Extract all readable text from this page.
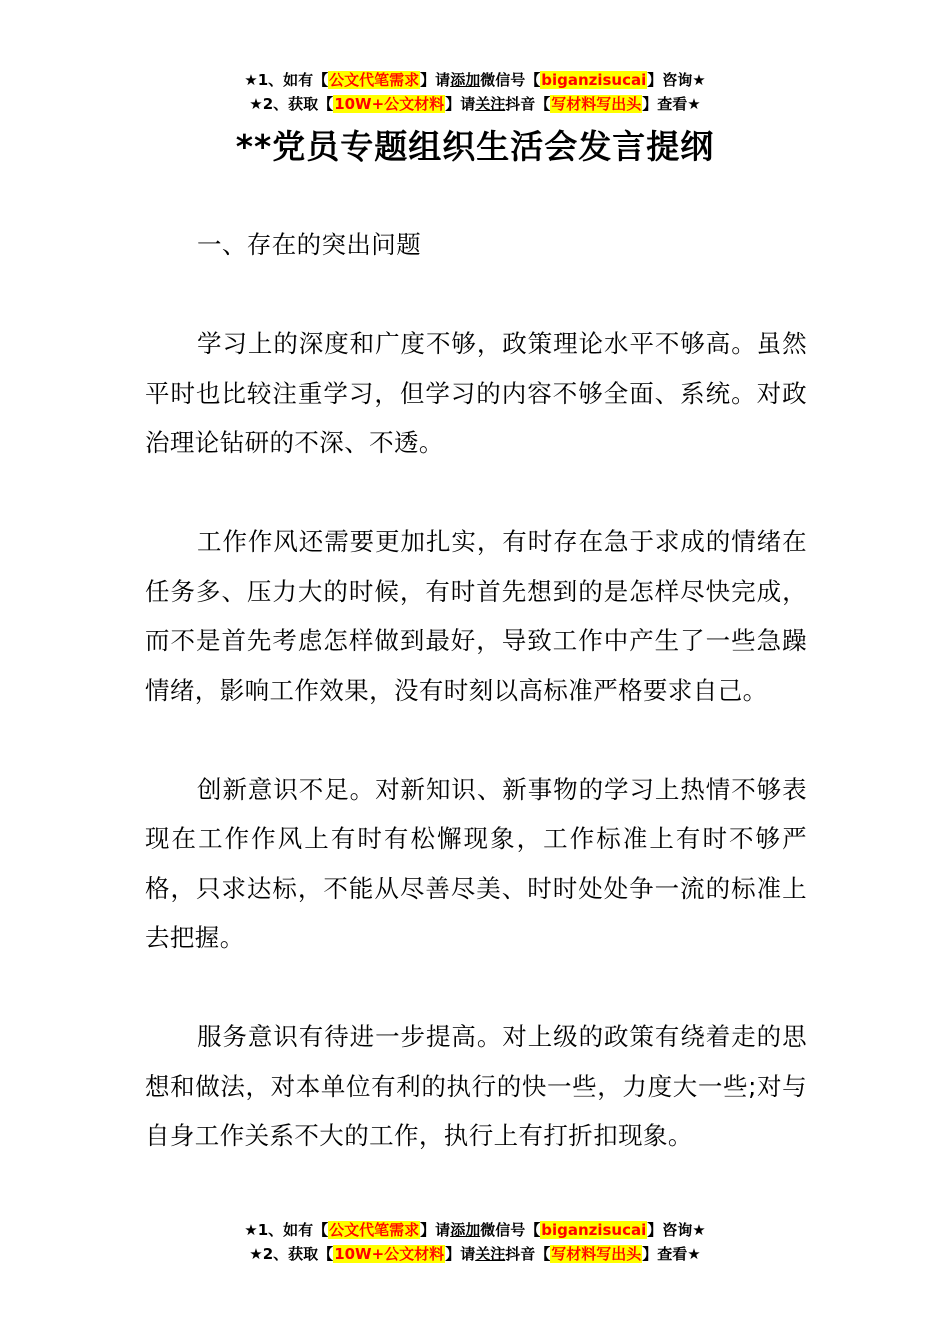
★1、如有【公文代笔需求】请添加微信号【biganzisucai】咨询★
★2、获取【10W+公文材料】请关注抖音【写材料写出头】查看★
**党员专题组织生活会发言提纲

一、存在的突出问题

学习上的深度和广度不够，政策理论水平不够高。虽然平时也比较注重学习，但学习的内容不够全面、系统。对政治理论钻研的不深、不透。

工作作风还需要更加扎实，有时存在急于求成的情绪在任务多、压力大的时候，有时首先想到的是怎样尽快完成，而不是首先考虑怎样做到最好，导致工作中产生了一些急躁情绪，影响工作效果，没有时刻以高标准严格要求自己。

创新意识不足。对新知识、新事物的学习上热情不够表现在工作作风上有时有松懈现象，工作标准上有时不够严格，只求达标，不能从尽善尽美、时时处处争一流的标准上去把握。

服务意识有待进一步提高。对上级的政策有绕着走的思想和做法，对本单位有利的执行的快一些，力度大一些;对与自身工作关系不大的工作，执行上有打折扣现象。

★1、如有【公文代笔需求】请添加微信号【biganzisucai】咨询★
★2、获取【10W+公文材料】请关注抖音【写材料写出头】查看★
